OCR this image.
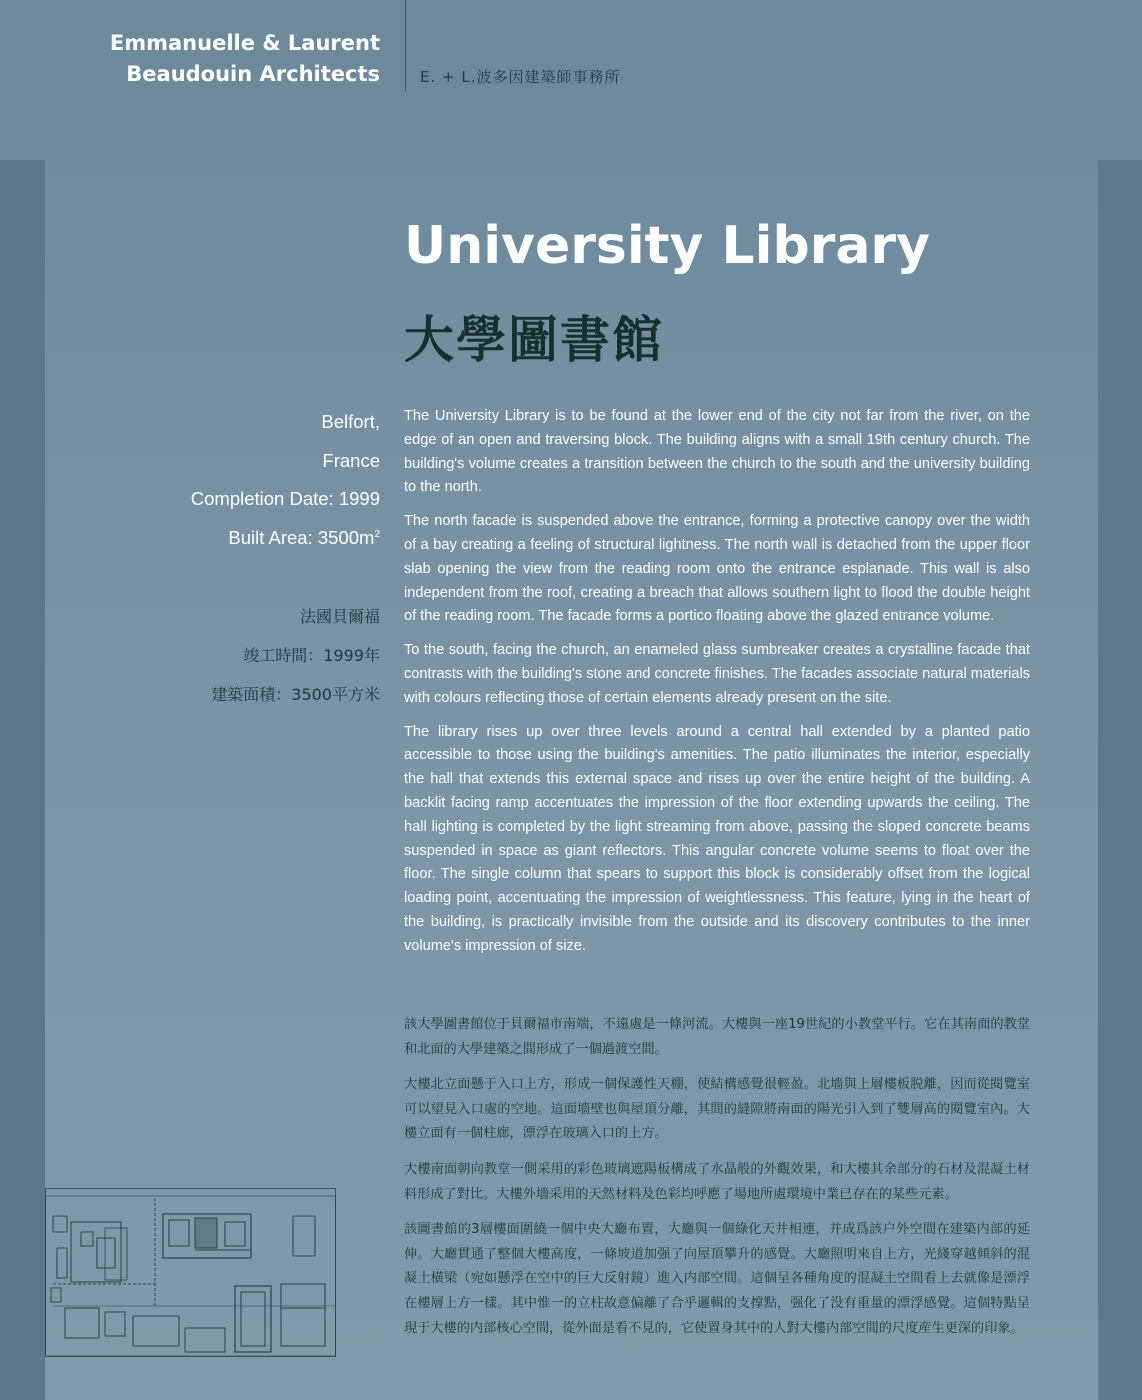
Emmanuelle & Laurent
Beaudouin Architects	E. + L.波多因建築師事務所
University Library
大學圖書館
Belfort,
France
Completion Date: 1999
Built Area: $3500m^2$
法國貝爾福
竣工時間：1999年
建築面積：3500平方米

The University Library is to be found at the lower end of the city not far from the river, on the edge of an open and traversing block. The building aligns with a small 19th century church. The building's volume creates a transition between the church to the south and the university building to the north.

The north facade is suspended above the entrance, forming a protective canopy over the width of a bay creating a feeling of structural lightness. The north wall is detached from the upper floor slab opening the view from the reading room onto the entrance esplanade. This wall is also independent from the roof, creating a breach that allows southern light to flood the double height of the reading room. The facade forms a portico floating above the glazed entrance volume.

To the south, facing the church, an enameled glass sumbreaker creates a crystalline facade that contrasts with the building's stone and concrete finishes. The facades associate natural materials with colours reflecting those of certain elements already present on the site.

The library rises up over three levels around a central hall extended by a planted patio accessible to those using the building's amenities. The patio illuminates the interior, especially the hall that extends this external space and rises up over the entire height of the building. A backlit facing ramp accentuates the impression of the floor extending upwards the ceiling. The hall lighting is completed by the light streaming from above, passing the sloped concrete beams suspended in space as giant reflectors. This angular concrete volume seems to float over the floor. The single column that spears to support this block is considerably offset from the logical loading point, accentuating the impression of weightlessness. This feature, lying in the heart of the building, is practically invisible from the outside and its discovery contributes to the inner volume's impression of size.

該大學圖書館位于貝爾福市南端，不遠處是一條河流。大樓與一座19世紀的小教堂平行。它在其南面的教堂和北面的大學建築之間形成了一個過渡空間。

大樓北立面懸于入口上方，形成一個保護性天棚，使結構感覺很輕盈。北墻與上層樓板脱離，因而從閱覽室可以望見入口處的空地。這面墻壁也與屋頂分離，其間的縫隙將南面的陽光引入到了雙層高的閱覽室內。大樓立面有一個柱廊，漂浮在玻璃入口的上方。

大樓南面朝向教堂一側采用的彩色玻璃遮陽板構成了水晶般的外觀效果，和大樓其余部分的石材及混凝土材料形成了對比。大樓外墻采用的天然材料及色彩均呼應了場地所處環境中業已存在的某些元素。

該圖書館的3層樓面圍繞一個中央大廳布置，大廳與一個綠化天井相連，并成爲該户外空間在建築内部的延伸。大廳貫通了整個大樓高度，一條坡道加强了向屋頂攀升的感覺。大廳照明來自上方，光綫穿越傾斜的混凝土橫梁（宛如懸浮在空中的巨大反射鏡）進入内部空間。這個呈各種角度的混凝土空間看上去就像是漂浮在樓層上方一樣。其中惟一的立柱故意偏離了合乎邏輯的支撑點，强化了没有重量的漂浮感覺。這個特點呈現于大樓的内部核心空間，從外面是看不見的，它使置身其中的人對大樓内部空間的尺度産生更深的印象。
